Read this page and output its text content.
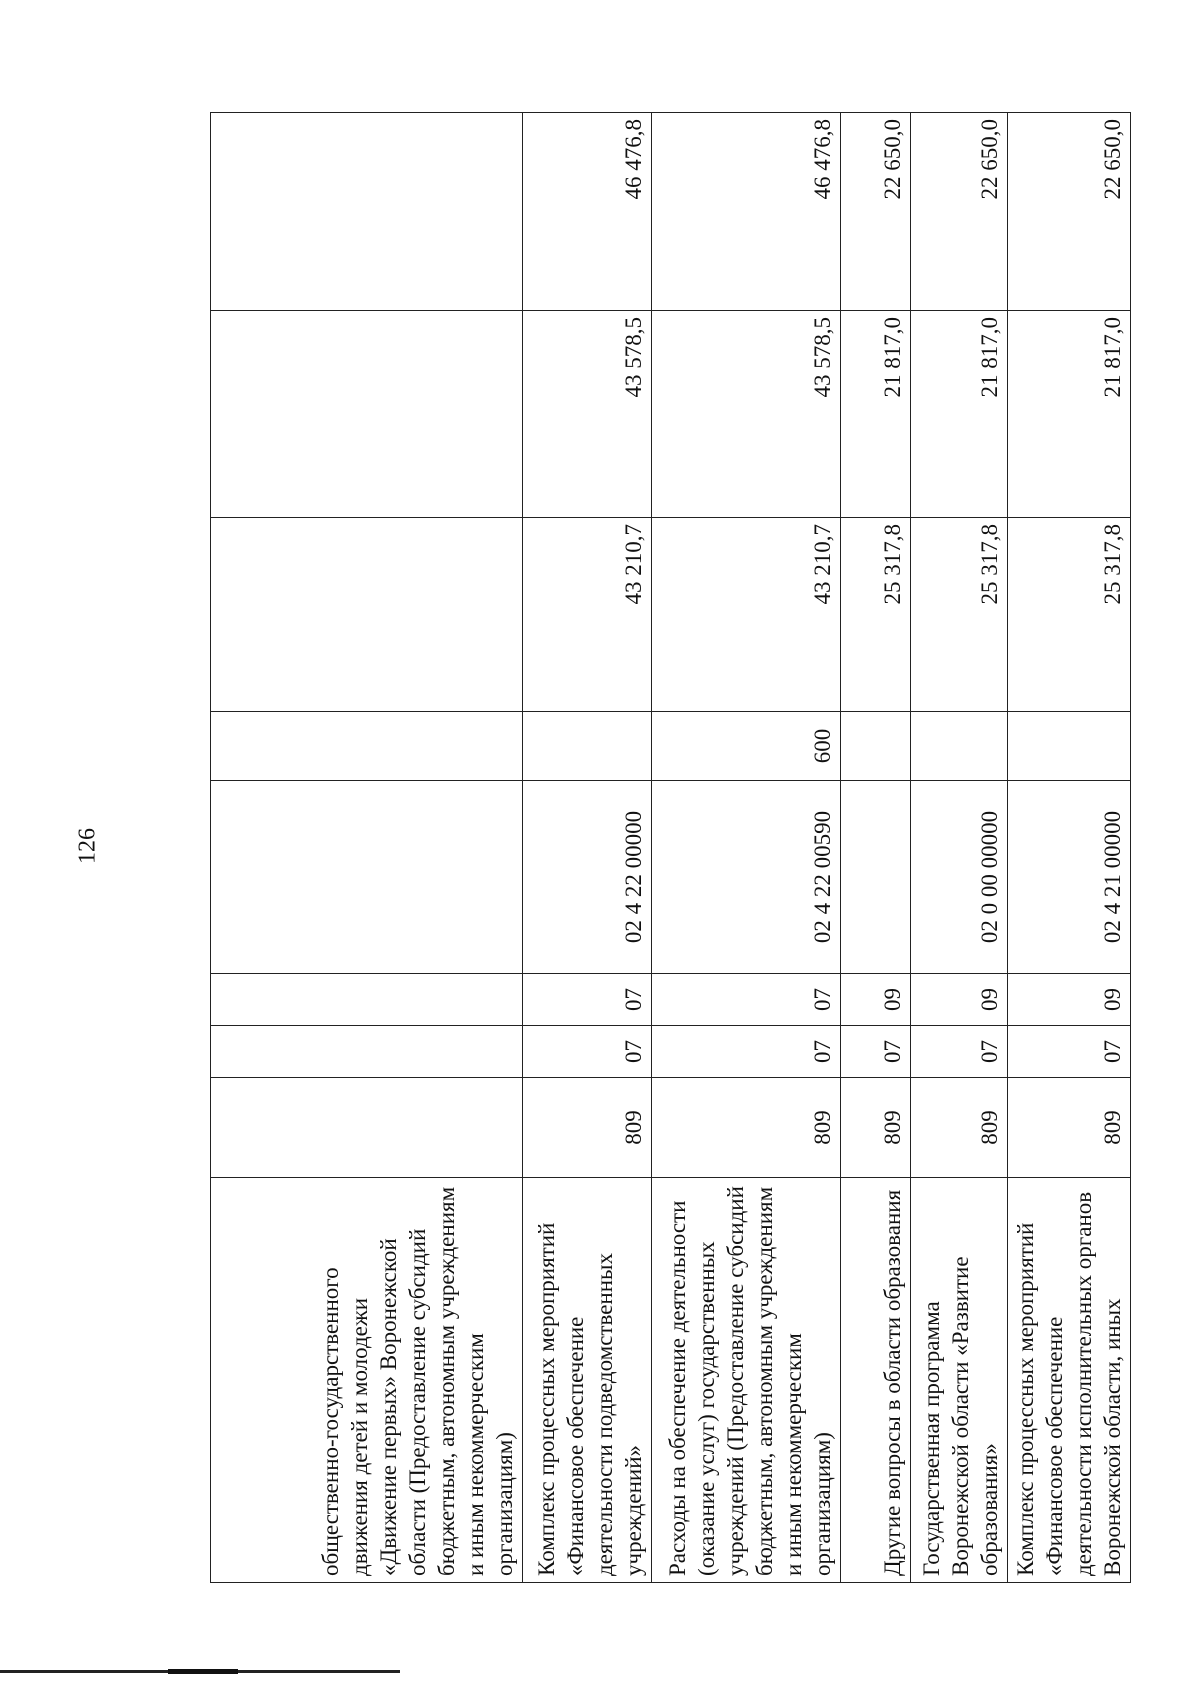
126
общественно-государственного движения детей и молодежи «Движение первых» Воронежской области (Предоставление субсидий бюджетным, автономным учреждениям и иным некоммерческим организациям)								
Комплекс процессных мероприятий «Финансовое обеспечение деятельности подведомственных учреждений»	809	07	07	02 4 22 00000		43 210,7	43 578,5	46 476,8
Расходы на обеспечение деятельности (оказание услуг) государственных учреждений (Предоставление субсидий бюджетным, автономным учреждениям и иным некоммерческим организациям)	809	07	07	02 4 22 00590	600	43 210,7	43 578,5	46 476,8
Другие вопросы в области образования	809	07	09			25 317,8	21 817,0	22 650,0
Государственная программа Воронежской области «Развитие образования»	809	07	09	02 0 00 00000		25 317,8	21 817,0	22 650,0
Комплекс процессных мероприятий «Финансовое обеспечение деятельности исполнительных органов Воронежской области, иных	809	07	09	02 4 21 00000		25 317,8	21 817,0	22 650,0
